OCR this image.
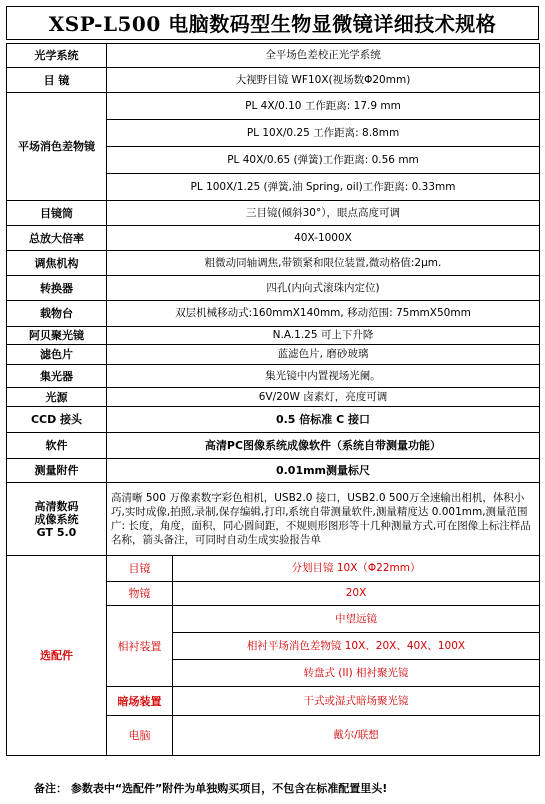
XSP-L500 电脑数码型生物显微镜详细技术规格
光学系统	全平场色差校正光学系统	
目 镜	大视野目镜 WF10X(视场数Φ20mm)	
平场消色差物镜	PL 4X/0.10 工作距离: 17.9 mm	
	PL 10X/0.25 工作距离: 8.8mm	
	PL 40X/0.65 (弹簧)工作距离: 0.56 mm	
	PL 100X/1.25 (弹簧,油 Spring, oil)工作距离: 0.33mm	
目镜筒	三目镜(倾斜30°），眼点高度可调	
总放大倍率	40X-1000X	
调焦机构	粗微动同轴调焦,带锁紧和限位装置,微动格值:2μm.	
转换器	四孔(内向式滚珠内定位)	
载物台	双层机械移动式:160mmX140mm, 移动范围: 75mmX50mm	
阿贝聚光镜	N.A.1.25 可上下升降	
滤色片	蓝滤色片, 磨砂玻璃	
集光器	集光镜中内置视场光阑。	
光源	6V/20W 卤素灯，亮度可调	
CCD 接头	0.5 倍标准 C 接口	
软件	高清PC图像系统成像软件（系统自带测量功能）	
测量附件	0.01mm测量标尺	

高清数码
成像系统
GT 5.0	高清晰 500 万像素数字彩色相机，USB2.0 接口，USB2.0 500万全速输出相机，体积小巧,实时成像,拍照,录制,保存编辑,打印,系统自带测量软件,测量精度达 0.001mm,测量范围广: 长度，角度，面积，同心圆间距，不规则形图形等十几种测量方式,可在图像上标注样品名称，箭头备注，可同时自动生成实验报告单	
选配件	目镜	分划目镜 10X（Φ22mm）
	物镜	20X
	相衬装置	中望远镜
		相衬平场消色差物镜 10X、20X、40X、100X
		转盘式 (II) 相衬聚光镜
	暗场装置	干式或湿式暗场聚光镜
	电脑	戴尔/联想
备注： 参数表中“选配件”附件为单独购买项目，不包含在标准配置里头!
